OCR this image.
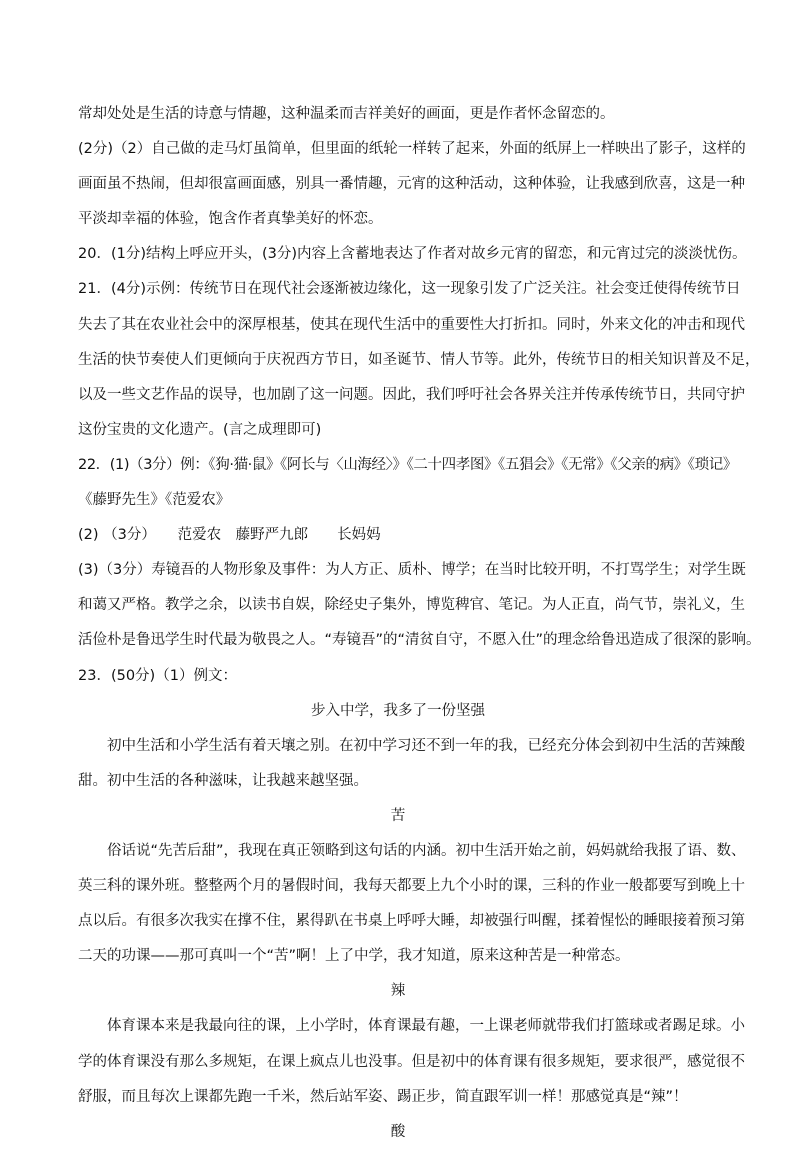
常却处处是生活的诗意与情趣，这种温柔而吉祥美好的画面，更是作者怀念留恋的。
(2分)（2）自己做的走马灯虽简单，但里面的纸轮一样转了起来，外面的纸屏上一样映出了影子，这样的
画面虽不热闹，但却很富画面感，别具一番情趣，元宵的这种活动，这种体验，让我感到欣喜，这是一种
平淡却幸福的体验，饱含作者真挚美好的怀恋。
20．(1分)结构上呼应开头，(3分)内容上含蓄地表达了作者对故乡元宵的留恋，和元宵过完的淡淡忧伤。
21．(4分)示例：传统节日在现代社会逐渐被边缘化，这一现象引发了广泛关注。社会变迁使得传统节日
失去了其在农业社会中的深厚根基，使其在现代生活中的重要性大打折扣。同时，外来文化的冲击和现代
生活的快节奏使人们更倾向于庆祝西方节日，如圣诞节、情人节等。此外，传统节日的相关知识普及不足，
以及一些文艺作品的误导，也加剧了这一问题。因此，我们呼吁社会各界关注并传承传统节日，共同守护
这份宝贵的文化遗产。(言之成理即可)
22．(1)（3分）例：《狗·猫·鼠》《阿长与〈山海经〉》《二十四孝图》《五猖会》《无常》《父亲的病》《琐记》
《藤野先生》《范爱农》
(2) （3分）　　范爱农　藤野严九郎　　长妈妈
(3)（3分）寿镜吾的人物形象及事件：为人方正、质朴、博学；在当时比较开明，不打骂学生；对学生既
和蔼又严格。教学之余，以读书自娱，除经史子集外，博览稗官、笔记。为人正直，尚气节，崇礼义，生
活俭朴是鲁迅学生时代最为敬畏之人。“寿镜吾”的“清贫自守，不愿入仕”的理念给鲁迅造成了很深的影响。
23．(50分)（1）例文：
步入中学，我多了一份坚强
初中生活和小学生活有着天壤之别。在初中学习还不到一年的我，已经充分体会到初中生活的苦辣酸
甜。初中生活的各种滋味，让我越来越坚强。
苦
俗话说“先苦后甜”，我现在真正领略到这句话的内涵。初中生活开始之前，妈妈就给我报了语、数、
英三科的课外班。整整两个月的暑假时间，我每天都要上九个小时的课，三科的作业一般都要写到晚上十
点以后。有很多次我实在撑不住，累得趴在书桌上呼呼大睡，却被强行叫醒，揉着惺忪的睡眼接着预习第
二天的功课——那可真叫一个“苦”啊！上了中学，我才知道，原来这种苦是一种常态。
辣
体育课本来是我最向往的课，上小学时，体育课最有趣，一上课老师就带我们打篮球或者踢足球。小
学的体育课没有那么多规矩，在课上疯点儿也没事。但是初中的体育课有很多规矩，要求很严，感觉很不
舒服，而且每次上课都先跑一千米，然后站军姿、踢正步，简直跟军训一样！那感觉真是“辣”！
酸
